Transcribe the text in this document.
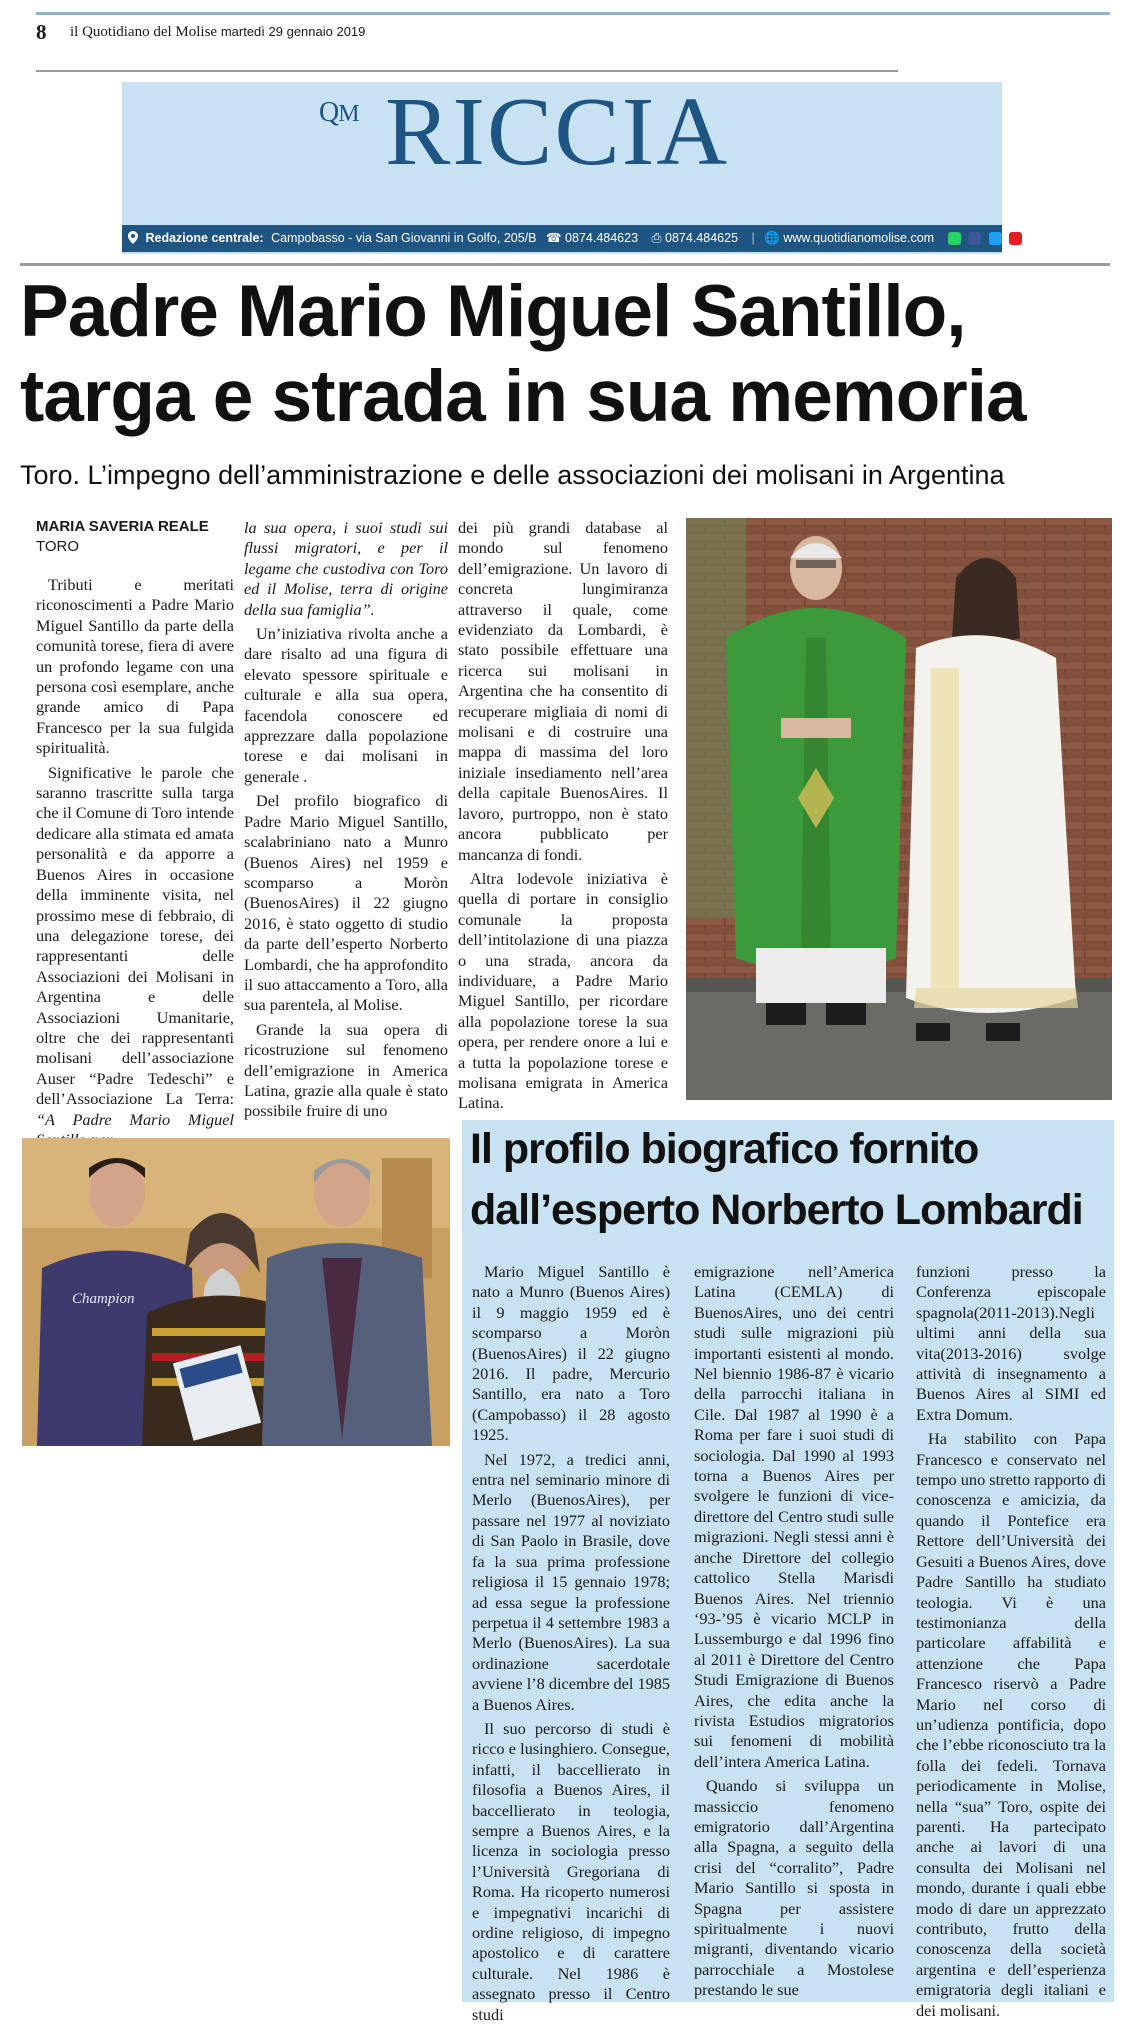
8 il Quotidiano del Molise martedì 29 gennaio 2019
QM RICCIA
Redazione centrale: Campobasso - via San Giovanni in Golfo, 205/B ☎ 0874.484623 ⎙ 0874.484625 | 🌐 www.quotidianomolise.com
Padre Mario Miguel Santillo,
targa e strada in sua memoria
Toro. L’impegno dell’amministrazione e delle associazioni dei molisani in Argentina
MARIA SAVERIA REALE
TORO

Tributi e meritati riconoscimenti a Padre Mario Miguel Santillo da parte della comunità torese, fiera di avere un profondo legame con una persona così esemplare, anche grande amico di Papa Francesco per la sua fulgida spiritualità.

Significative le parole che saranno trascritte sulla targa che il Comune di Toro intende dedicare alla stimata ed amata personalità e da apporre a Buenos Aires in occasione della imminente visita, nel prossimo mese di febbraio, di una delegazione torese, dei rappresentanti delle Associazioni dei Molisani in Argentina e delle Associazioni Umanitarie, oltre che dei rappresentanti molisani dell’associazione Auser “Padre Tedeschi” e dell’Associazione La Terra: “A Padre Mario Miguel

la sua opera, i suoi studi sui flussi migratori, e per il legame che custodiva con Toro ed il Molise, terra di origine della sua famiglia”.

Un’iniziativa rivolta anche a dare risalto ad una figura di elevato spessore spirituale e culturale e alla sua opera, facendola conoscere ed apprezzare dalla popolazione torese e dai molisani in generale .

Del profilo biografico di Padre Mario Miguel Santillo, scalabriniano nato a Munro (Buenos Aires) nel 1959 e scomparso a Moròn (BuenosAires) il 22 giugno 2016, è stato oggetto di studio da parte dell’esperto Norberto Lombardi, che ha approfondito il suo attaccamento a Toro, alla sua parentela, al Molise.

Grande la sua opera di ricostruzione sul fenomeno dell’emigrazione in America Latina, grazie alla quale è stato possibile fruire di uno

dei più grandi database al mondo sul fenomeno dell’emigrazione. Un lavoro di concreta lungimiranza attraverso il quale, come evidenziato da Lombardi, è stato possibile effettuare una ricerca sui molisani in Argentina che ha consentito di recuperare migliaia di nomi di molisani e di costruire una mappa di massima del loro iniziale insediamento nell’area della capitale BuenosAires. Il lavoro, purtroppo, non è stato ancora pubblicato per mancanza di fondi.

Altra lodevole iniziativa è quella di portare in consiglio comunale la proposta dell’intitolazione di una piazza o una strada, ancora da individuare, a Padre Mario Miguel Santillo, per ricordare alla popolazione torese la sua opera, per rendere onore a lui e a tutta la popolazione torese e molisana emigrata in America Latina.

Champion
Il profilo biografico fornito
dall’esperto Norberto Lombardi

Mario Miguel Santillo è nato a Munro (Buenos Aires) il 9 maggio 1959 ed è scomparso a Moròn (BuenosAires) il 22 giugno 2016. Il padre, Mercurio Santillo, era nato a Toro (Campobasso) il 28 agosto 1925.

Nel 1972, a tredici anni, entra nel seminario minore di Merlo (BuenosAires), per passare nel 1977 al noviziato di San Paolo in Brasile, dove fa la sua prima professione religiosa il 15 gennaio 1978; ad essa segue la professione perpetua il 4 settembre 1983 a Merlo (BuenosAires). La sua ordinazione sacerdotale avviene l’8 dicembre del 1985 a Buenos Aires.

Il suo percorso di studi è ricco e lusinghiero. Consegue, infatti, il baccellierato in filosofia a Buenos Aires, il baccellierato in teologia, sempre a Buenos Aires, e la licenza in sociologia presso l’Università Gregoriana di Roma. Ha ricoperto numerosi e impegnativi incarichi di ordine religioso, di impegno apostolico e di carattere culturale. Nel 1986 è assegnato presso il Centro studi

emigrazione nell’America Latina (CEMLA) di BuenosAires, uno dei centri studi sulle migrazioni più importanti esistenti al mondo. Nel biennio 1986-87 è vicario della parrocchi italiana in Cile. Dal 1987 al 1990 è a Roma per fare i suoi studi di sociologia. Dal 1990 al 1993 torna a Buenos Aires per svolgere le funzioni di vice-direttore del Centro studi sulle migrazioni. Negli stessi anni è anche Direttore del collegio cattolico Stella Marisdi Buenos Aires. Nel triennio ‘93-’95 è vicario MCLP in Lussemburgo e dal 1996 fino al 2011 è Direttore del Centro Studi Emigrazione di Buenos Aires, che edita anche la rivista Estudios migratorios sui fenomeni di mobilità dell’intera America Latina.

Quando si sviluppa un massiccio fenomeno emigratorio dall’Argentina alla Spagna, a seguito della crisi del “corralito”, Padre Mario Santillo si sposta in Spagna per assistere spiritualmente i nuovi migranti, diventando vicario parrocchiale a Mostolese prestando le sue

funzioni presso la Conferenza episcopale spagnola(2011-2013).Negli ultimi anni della sua vita(2013-2016) svolge attività di insegnamento a Buenos Aires al SIMI ed Extra Domum.

Ha stabilito con Papa Francesco e conservato nel tempo uno stretto rapporto di conoscenza e amicizia, da quando il Pontefice era Rettore dell’Università dei Gesuiti a Buenos Aires, dove Padre Santillo ha studiato teologia. Vi è una testimonianza della particolare affabilità e attenzione che Papa Francesco riservò a Padre Mario nel corso di un’udienza pontificia, dopo che l’ebbe riconosciuto tra la folla dei fedeli. Tornava periodicamente in Molise, nella “sua” Toro, ospite dei parenti. Ha partecipato anche ai lavori di una consulta dei Molisani nel mondo, durante i quali ebbe modo di dare un apprezzato contributo, frutto della conoscenza della società argentina e dell’esperienza emigratoria degli italiani e dei molisani.
